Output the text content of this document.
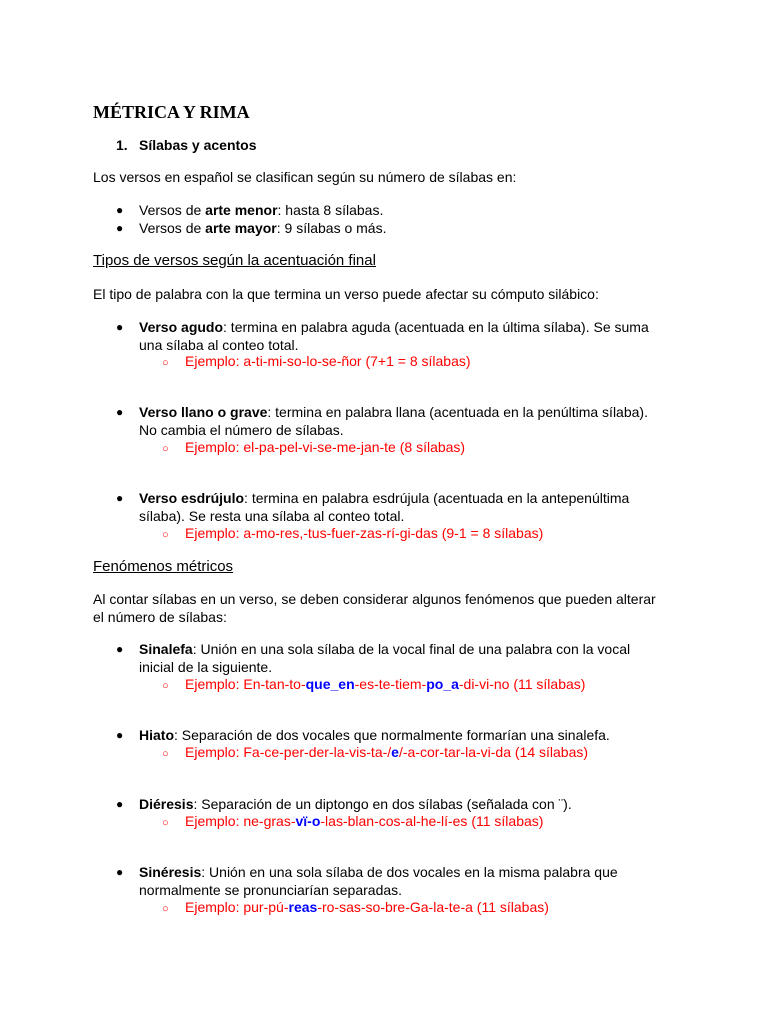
MÉTRICA Y RIMA
1. Sílabas y acentos
Los versos en español se clasifican según su número de sílabas en:
●	Versos de arte menor: hasta 8 sílabas.
●	Versos de arte mayor: 9 sílabas o más.
Tipos de versos según la acentuación final
El tipo de palabra con la que termina un verso puede afectar su cómputo silábico:
●	Verso agudo: termina en palabra aguda (acentuada en la última sílaba). Se suma
una sílaba al conteo total.
○ Ejemplo: a-ti-mi-so-lo-se-ñor (7+1 = 8 sílabas)
●	Verso llano o grave: termina en palabra llana (acentuada en la penúltima sílaba).
No cambia el número de sílabas.
○ Ejemplo: el-pa-pel-vi-se-me-jan-te (8 sílabas)
●	Verso esdrújulo: termina en palabra esdrújula (acentuada en la antepenúltima
sílaba). Se resta una sílaba al conteo total.
○ Ejemplo: a-mo-res,-tus-fuer-zas-rí-gi-das (9-1 = 8 sílabas)
Fenómenos métricos
Al contar sílabas en un verso, se deben considerar algunos fenómenos que pueden alterar
el número de sílabas:
●	Sinalefa: Unión en una sola sílaba de la vocal final de una palabra con la vocal
inicial de la siguiente.
○ Ejemplo: En-tan-to-que_en-es-te-tiem-po_a-di-vi-no (11 sílabas)
●	Hiato: Separación de dos vocales que normalmente formarían una sinalefa.
○ Ejemplo: Fa-ce-per-der-la-vis-ta-/e/-a-cor-tar-la-vi-da (14 sílabas)
●	Diéresis: Separación de un diptongo en dos sílabas (señalada con ¨).
○ Ejemplo: ne-gras-vï-o-las-blan-cos-al-he-lí-es (11 sílabas)
●	Sinéresis: Unión en una sola sílaba de dos vocales en la misma palabra que
normalmente se pronunciarían separadas.
○ Ejemplo: pur-pú-reas-ro-sas-so-bre-Ga-la-te-a (11 sílabas)
